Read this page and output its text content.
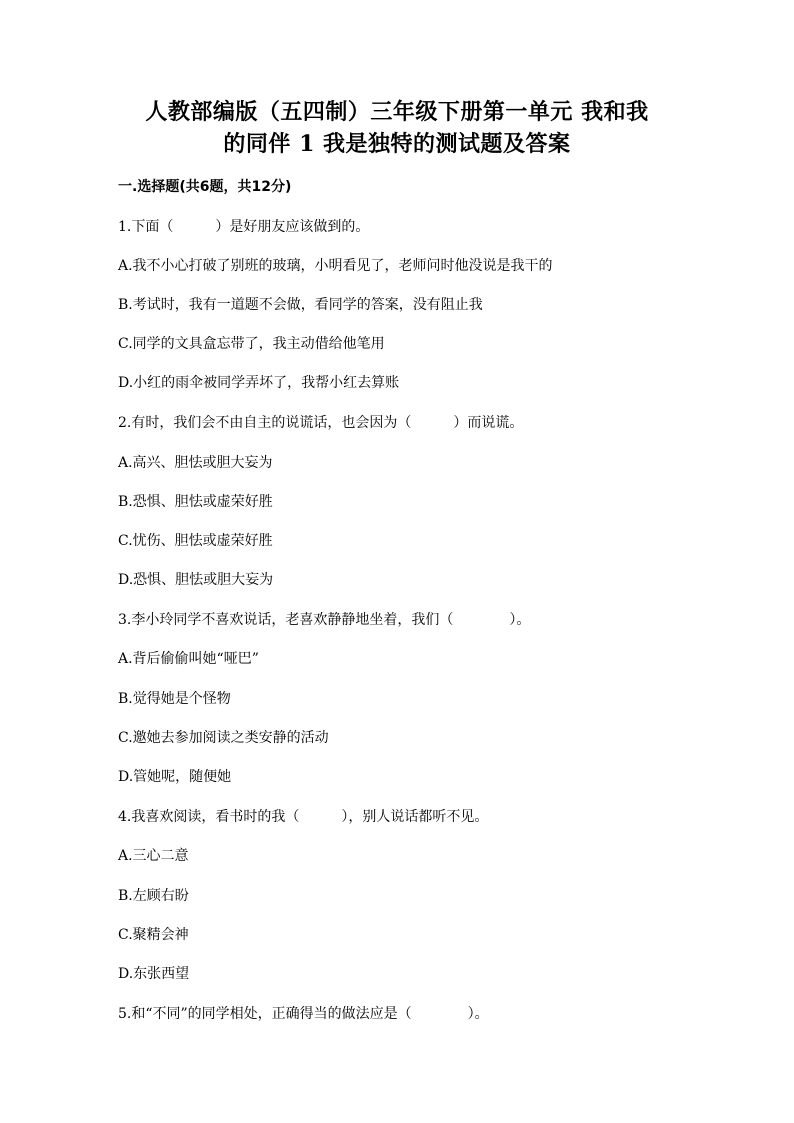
人教部编版（五四制）三年级下册第一单元 我和我
的同伴 1 我是独特的测试题及答案
一.选择题(共6题，共12分)
1.下面（　　　）是好朋友应该做到的。
A.我不小心打破了别班的玻璃，小明看见了，老师问时他没说是我干的
B.考试时，我有一道题不会做，看同学的答案，没有阻止我
C.同学的文具盒忘带了，我主动借给他笔用
D.小红的雨伞被同学弄坏了，我帮小红去算账
2.有时，我们会不由自主的说谎话，也会因为（　　　）而说谎。
A.高兴、胆怯或胆大妄为
B.恐惧、胆怯或虚荣好胜
C.忧伤、胆怯或虚荣好胜
D.恐惧、胆怯或胆大妄为
3.李小玲同学不喜欢说话，老喜欢静静地坐着，我们（　　　　）。
A.背后偷偷叫她“哑巴”
B.觉得她是个怪物
C.邀她去参加阅读之类安静的活动
D.管她呢，随便她
4.我喜欢阅读，看书时的我（　　　），别人说话都听不见。
A.三心二意
B.左顾右盼
C.聚精会神
D.东张西望
5.和“不同”的同学相处，正确得当的做法应是（　　　　）。
